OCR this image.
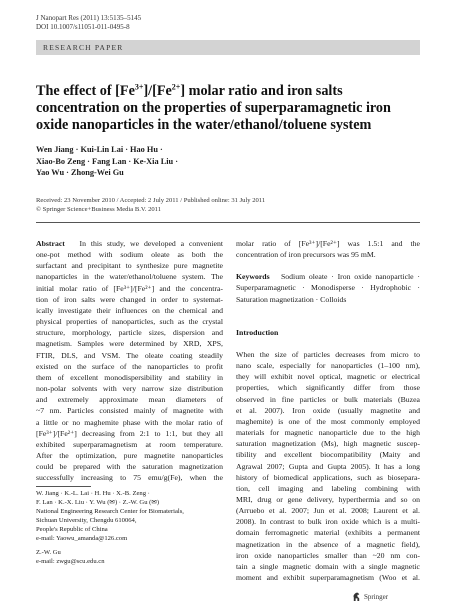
J Nanopart Res (2011) 13:5135–5145
DOI 10.1007/s11051-011-0495-8
RESEARCH PAPER
The effect of $[Fe^{3+}]/[Fe^{2+}]$ molar ratio and iron salts
concentration on the properties of superparamagnetic iron
oxide nanoparticles in the water/ethanol/toluene system
Wen Jiang · Kui-Lin Lai · Hao Hu ·
Xiao-Bo Zeng · Fang Lan · Ke-Xia Liu ·
Yao Wu · Zhong-Wei Gu
Received: 23 November 2010 / Accepted: 2 July 2011 / Published online: 31 July 2011
© Springer Science+Business Media B.V. 2011
Abstract In this study, we developed a convenient
one-pot method with sodium oleate as both the
surfactant and precipitant to synthesize pure magnetite
nanoparticles in the water/ethanol/toluene system. The
initial molar ratio of [Fe³⁺]/[Fe²⁺] and the concentra-
tion of iron salts were changed in order to systemat-
ically investigate their influences on the chemical and
physical properties of nanoparticles, such as the crystal
structure, morphology, particle sizes, dispersion and
magnetism. Samples were determined by XRD, XPS,
FTIR, DLS, and VSM. The oleate coating steadily
existed on the surface of the nanoparticles to profit
them of excellent monodispersibility and stability in
non-polar solvents with very narrow size distribution
and extremely approximate mean diameters of
~7 nm. Particles consisted mainly of magnetite with
a little or no maghemite phase with the molar ratio of
[Fe³⁺]/[Fe²⁺] decreasing from 2:1 to 1:1, but they all
exhibited superparamagnetism at room temperature.
After the optimization, pure magnetite nanoparticles
could be prepared with the saturation magnetization
successfully increasing to 75 emu/g(Fe), when the
molar ratio of [Fe³⁺]/[Fe²⁺] was 1.5:1 and the
concentration of iron precursors was 95 mM.
Keywords Sodium oleate · Iron oxide nanoparticle ·
Superparamagnetic · Monodisperse · Hydrophobic ·
Saturation magnetization · Colloids
Introduction
When the size of particles decreases from micro to
nano scale, especially for nanoparticles (1–100 nm),
they will exhibit novel optical, magnetic or electrical
properties, which significantly differ from those
observed in fine particles or bulk materials (Buzea
et al. 2007). Iron oxide (usually magnetite and
maghemite) is one of the most commonly employed
materials for magnetic nanoparticle due to the high
saturation magnetization (Ms), high magnetic suscep-
tibility and excellent biocompatibility (Maity and
Agrawal 2007; Gupta and Gupta 2005). It has a long
history of biomedical applications, such as biosepara-
tion, cell imaging and labeling combining with
MRI, drug or gene delivery, hyperthermia and so on
(Arruebo et al. 2007; Jun et al. 2008; Laurent et al.
2008). In contrast to bulk iron oxide which is a multi-
domain ferromagnetic material (exhibits a permanent
magnetization in the absence of a magnetic field),
iron oxide nanoparticles smaller than ~20 nm con-
tain a single magnetic domain with a single magnetic
moment and exhibit superparamagnetism (Woo et al.
W. Jiang · K.-L. Lai · H. Hu · X.-B. Zeng ·
F. Lan · K.-X. Liu · Y. Wu (✉) · Z.-W. Gu (✉)
National Engineering Research Center for Biomaterials,
Sichuan University, Chengdu 610064,
People's Republic of China
e-mail: Yaowu_amanda@126.com
Z.-W. Gu
e-mail: zwgu@scu.edu.cn
Springer
